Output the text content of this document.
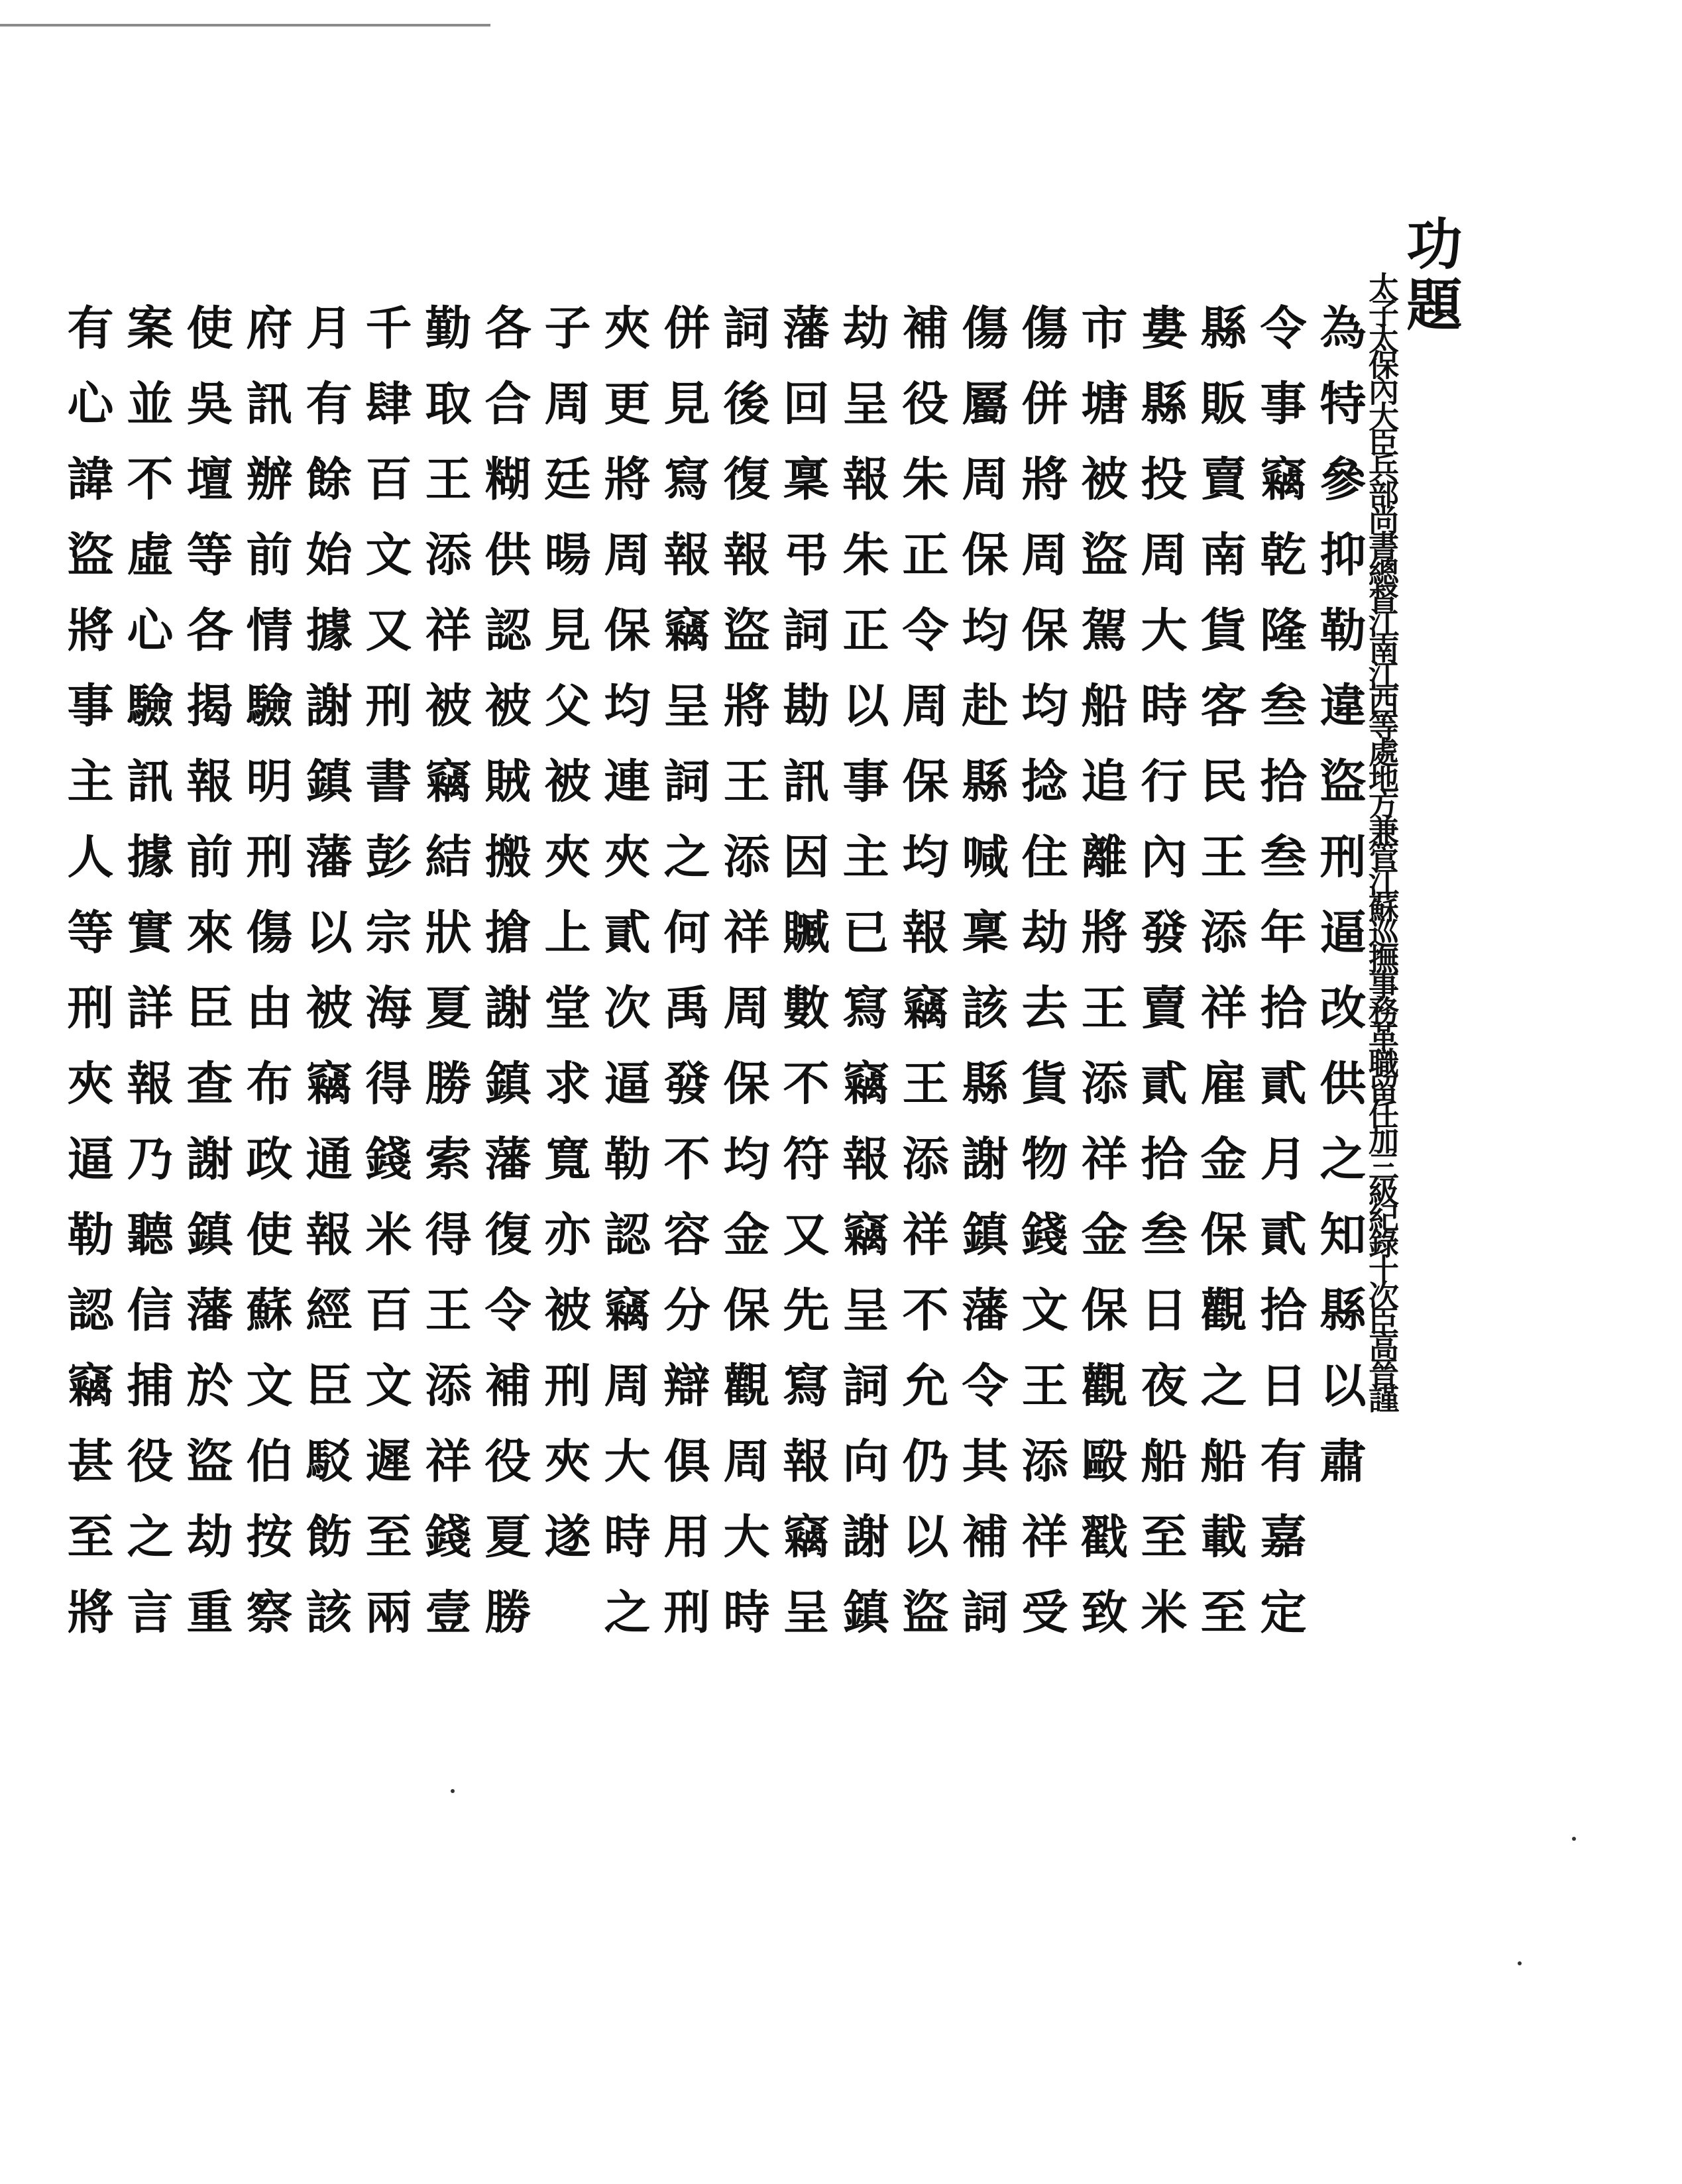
功題
太子太保內大臣兵部尚書總督江南江西等處地方兼管江蘇巡撫事務革職留任加三級紀錄十次臣高晉謹
為特參抑勒違盜刑逼改供之知縣以肅
令事竊乾隆叁拾叁年拾貳月貳拾日有嘉定
縣販賣南貨客民王添祥雇金保觀之船載至
婁縣投周大時行內發賣貳拾叁日夜船至米
市塘被盜駕船追離將王添祥金保觀毆戳致
傷併將周保均捻住劫去貨物錢文王添祥受
傷屬周保均赴縣喊稟該縣謝鎮藩令其補詞
補役朱正令周保均報竊王添祥不允仍以盜
劫呈報朱正以事主已寫竊報竊呈詞向謝鎮
藩回稟弔詞勘訊因贓數不符又先寫報竊呈
詞後復報盜將王添祥周保均金保觀周大時
併見寫報竊呈詞之何禹發不容分辯俱用刑
夾更將周保均連夾貳次逼勒認竊周大時之
子周廷暘見父被夾上堂求寬亦被刑夾遂
各合糊供認被賊搬搶謝鎮藩復令補役夏勝
勤取王添祥被竊結狀夏勝索得王添祥錢壹
千肆百文又刑書彭宗海得錢米百文遲至兩
月有餘始據謝鎮藩以被竊通報經臣駁飭該
府訊辦前情驗明刑傷由布政使蘇文伯按察
使吳壇等各揭報前來臣查謝鎮藩於盜劫重
案並不虛心驗訊據實詳報乃聽信捕役之言
有心諱盜將事主人等刑夾逼勒認竊甚至將
